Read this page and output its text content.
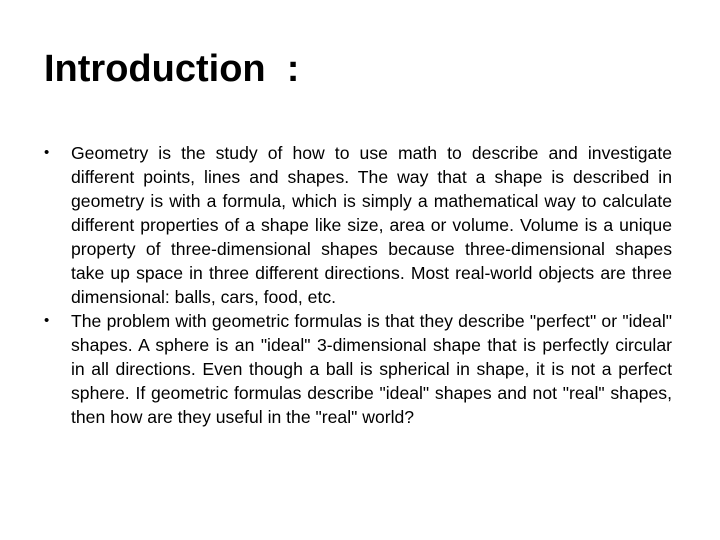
Introduction  :
•	Geometry is the study of how to use math to describe and investigate different points, lines and shapes. The way that a shape is described in geometry is with a formula, which is simply a mathematical way to calculate different properties of a shape like size, area or volume. Volume is a unique property of three-dimensional shapes because three-dimensional shapes take up space in three different directions. Most real-world objects are three dimensional: balls, cars, food, etc.
•	The problem with geometric formulas is that they describe "perfect" or "ideal" shapes. A sphere is an "ideal" 3-dimensional shape that is perfectly circular in all directions. Even though a ball is spherical in shape, it is not a perfect sphere. If geometric formulas describe "ideal" shapes and not "real" shapes, then how are they useful in the "real" world?
